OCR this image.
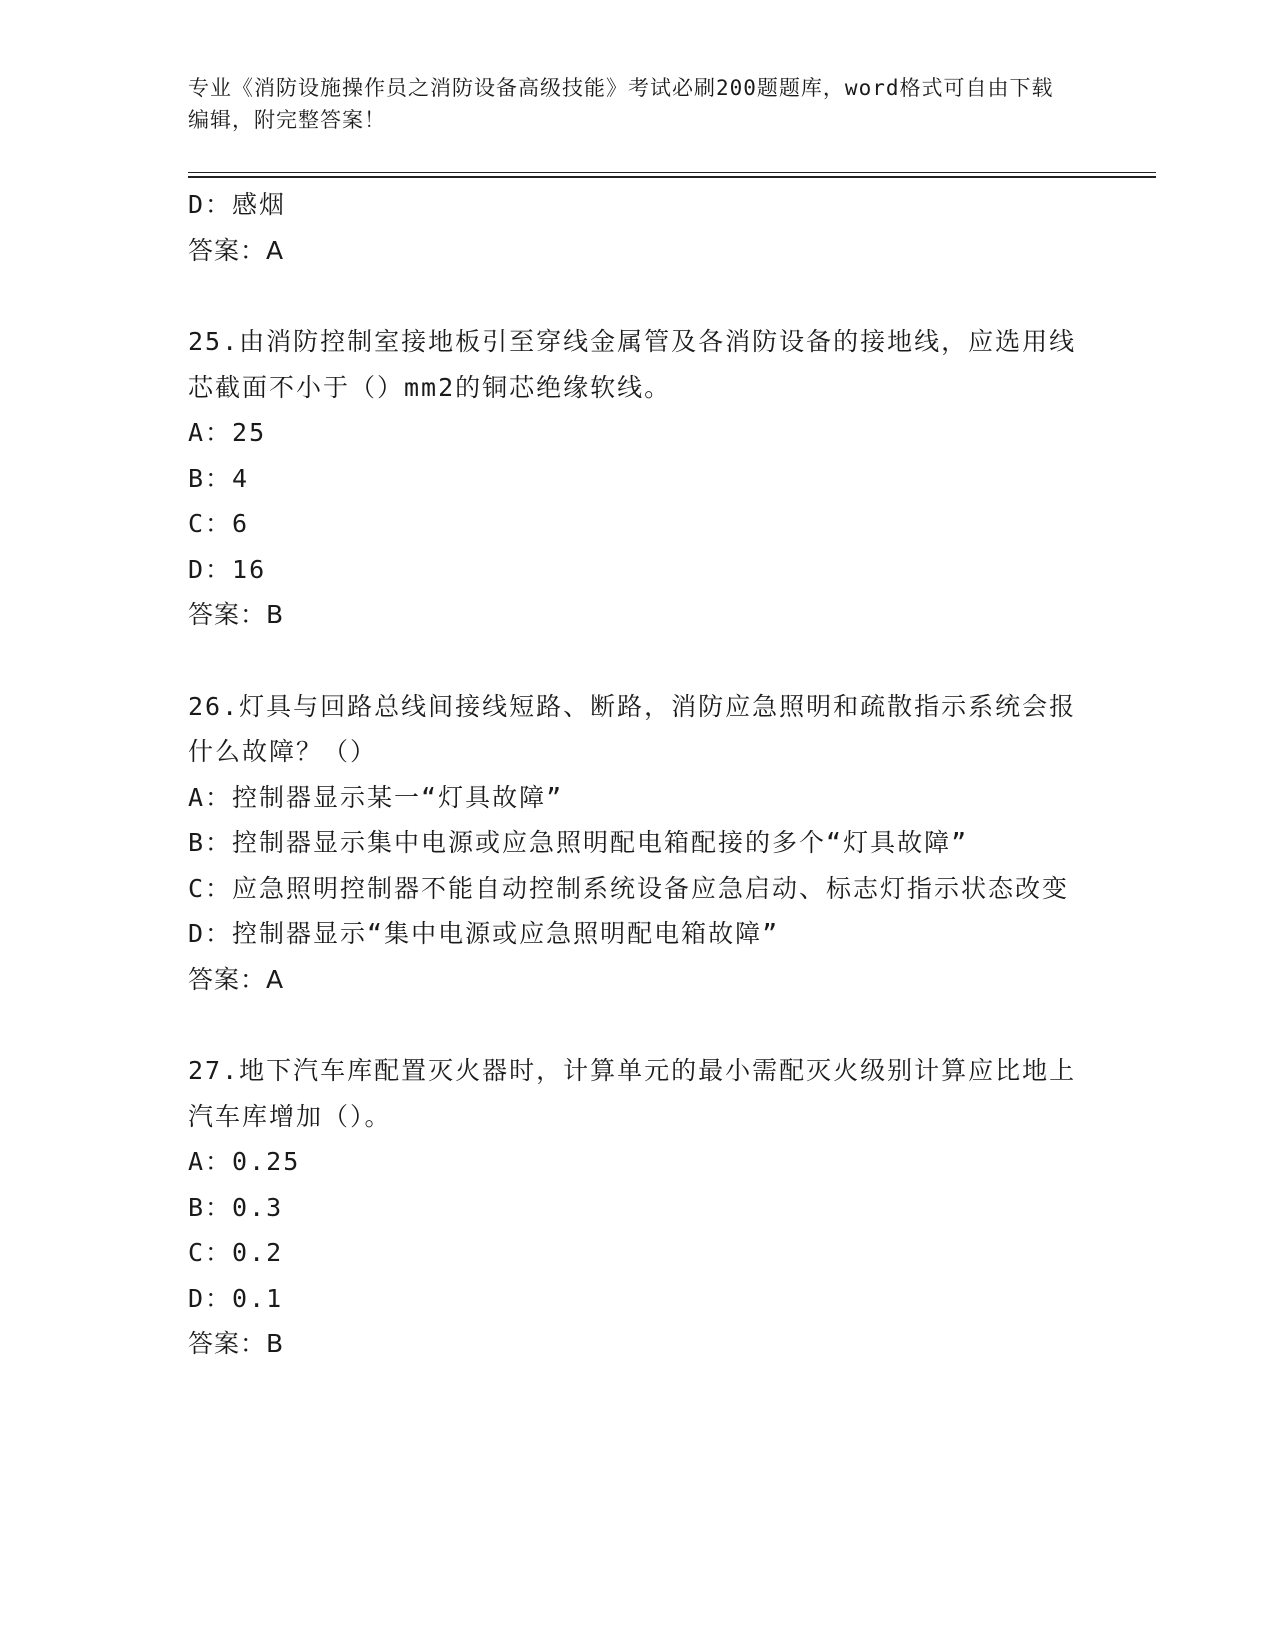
专业《消防设施操作员之消防设备高级技能》考试必刷200题题库，word格式可自由下载编辑，附完整答案！
D：感烟
答案：A
25.由消防控制室接地板引至穿线金属管及各消防设备的接地线，应选用线芯截面不小于（）mm2的铜芯绝缘软线。
A：25
B：4
C：6
D：16
答案：B
26.灯具与回路总线间接线短路、断路，消防应急照明和疏散指示系统会报什么故障？（）
A：控制器显示某一“灯具故障”
B：控制器显示集中电源或应急照明配电箱配接的多个“灯具故障”
C：应急照明控制器不能自动控制系统设备应急启动、标志灯指示状态改变
D：控制器显示“集中电源或应急照明配电箱故障”
答案：A
27.地下汽车库配置灭火器时，计算单元的最小需配灭火级别计算应比地上汽车库增加（）。
A：0.25
B：0.3
C：0.2
D：0.1
答案：B
